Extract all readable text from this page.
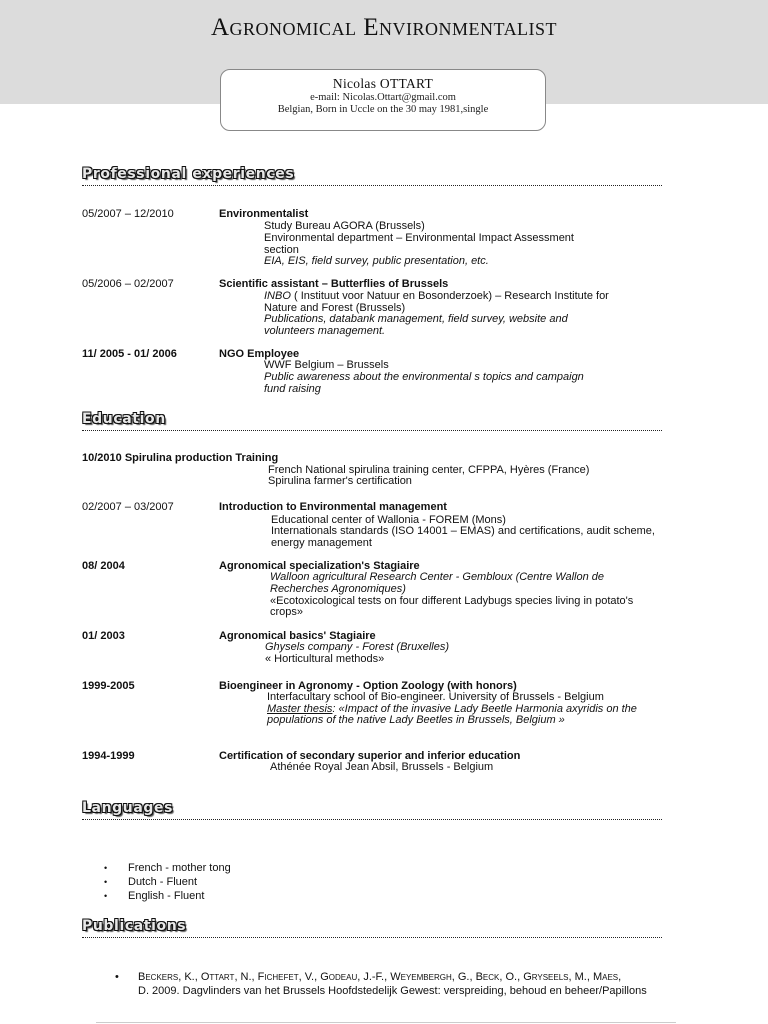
Agronomical Environmentalist
Nicolas OTTART
e-mail: Nicolas.Ottart@gmail.com
Belgian, Born in Uccle on the 30 may 1981,single
Professional experiences
05/2007 – 12/2010	Environmentalist
Study Bureau AGORA (Brussels)
Environmental department – Environmental Impact Assessment
section
EIA, EIS, field survey, public presentation, etc.
05/2006 – 02/2007	Scientific assistant – Butterflies of Brussels
INBO ( Instituut voor Natuur en Bosonderzoek) – Research Institute for
Nature and Forest (Brussels)
Publications, databank management, field survey, website and
volunteers management.
11/ 2005 - 01/ 2006	NGO Employee
WWF Belgium – Brussels
Public awareness about the environmental s topics and campaign
fund raising
Education
10/2010 Spirulina production Training
French National spirulina training center, CFPPA, Hyères (France)
Spirulina farmer's certification
02/2007 – 03/2007	Introduction to Environmental management
Educational center of Wallonia - FOREM (Mons)
Internationals standards (ISO 14001 – EMAS) and certifications, audit scheme,
energy management
08/ 2004	Agronomical specialization's Stagiaire
Walloon agricultural Research Center - Gembloux (Centre Wallon de
Recherches Agronomiques)
«Ecotoxicological tests on four different Ladybugs species living in potato's
crops»
01/ 2003	Agronomical basics' Stagiaire
Ghysels company - Forest (Bruxelles)
« Horticultural methods»
1999-2005	Bioengineer in Agronomy - Option Zoology (with honors)
Interfacultary school of Bio-engineer. University of Brussels - Belgium
Master thesis: «Impact of the invasive Lady Beetle Harmonia axyridis on the
populations of the native Lady Beetles in Brussels, Belgium »
1994-1999	Certification of secondary superior and inferior education
Athénée Royal Jean Absil, Brussels - Belgium
Languages
• French - mother tong
• Dutch - Fluent
• English - Fluent
Publications
• Beckers, K., Ottart, N., Fichefet, V., Godeau, J.-F., Weyembergh, G., Beck, O., Gryseels, M., Maes,
D. 2009. Dagvlinders van het Brussels Hoofdstedelijk Gewest: verspreiding, behoud en beheer/Papillons
